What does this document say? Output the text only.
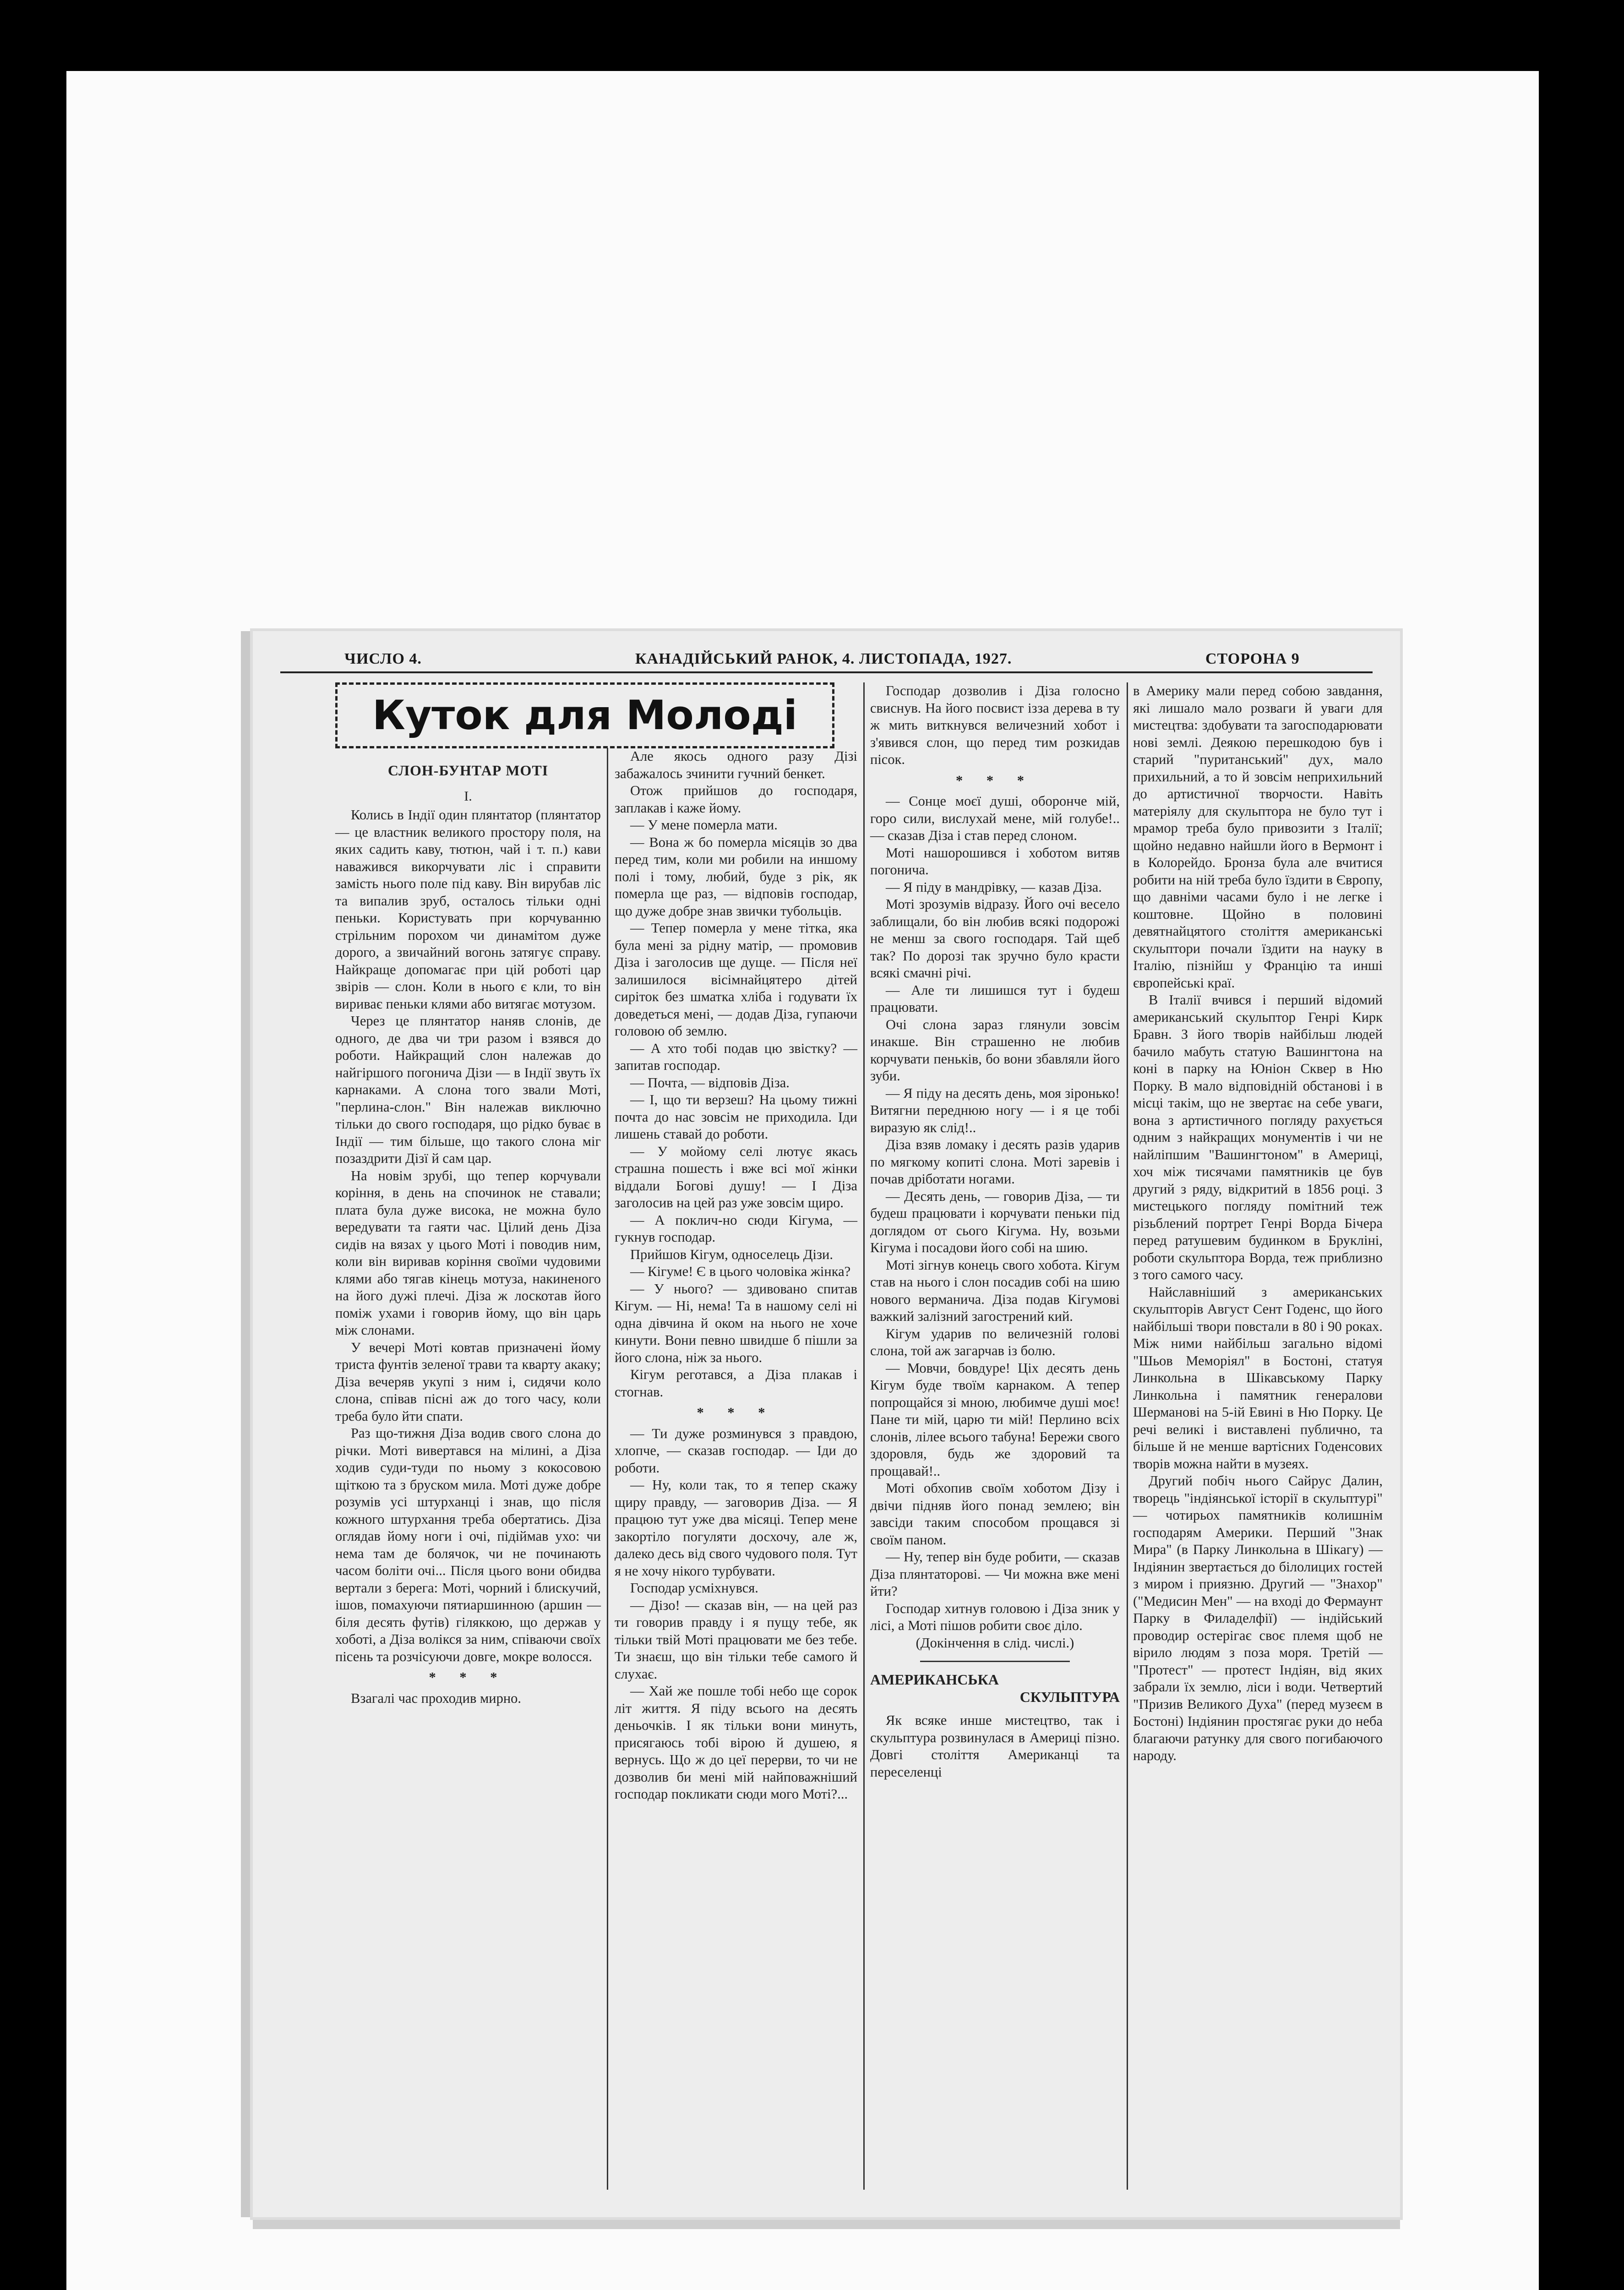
ЧИСЛО 4.	КАНАДІЙСЬКИЙ РАНОК, 4. ЛИСТОПАДА, 1927.	СТОРОНА 9
Куток для Молоді
СЛОН-БУНТАР МОТІ
I.

Колись в Індії один плянтатор (плянтатор — це властник великого простору поля, на яких садить каву, тютюн, чай і т. п.) кави наважився викорчувати ліс і справити замість нього поле під каву. Він вирубав ліс та випалив зруб, осталось тільки одні пеньки. Користувать при корчуванню стрільним порохом чи динамітом дуже дорого, а звичайний вогонь затягує справу. Найкраще допомагає при цій роботі цар звірів — слон. Коли в нього є кли, то він вириває пеньки клями або витягає мотузом.

Через це плянтатор наняв слонів, де одного, де два чи три разом і взявся до роботи. Найкращий слон належав до найгіршого погонича Дізи — в Індії звуть їх карнаками. А слона того звали Моті, "перлина-слон." Він належав виключно тільки до свого господаря, що рідко буває в Індії — тим більше, що такого слона міг позаздрити Дізї й сам цар.

На новім зрубі, що тепер корчували коріння, в день на спочинок не ставали; плата була дуже висока, не можна було вередувати та гаяти час. Цілий день Діза сидів на вязах у цього Моті і поводив ним, коли він виривав коріння своїми чудовими клями або тягав кінець мотуза, накиненого на його дужі плечі. Діза ж лоскотав його поміж ухами і говорив йому, що він царь між слонами.

У вечері Моті ковтав призначені йому триста фунтів зеленої трави та кварту акаку; Діза вечеряв укупі з ним і, сидячи коло слона, співав пісні аж до того часу, коли треба було йти спати.

Раз що-тижня Діза водив свого слона до річки. Моті вивертався на мілині, а Діза ходив суди-туди по ньому з кокосовою щіткою та з бруском мила. Моті дуже добре розумів усі штурханці і знав, що після кожного штурхання треба обертатись. Діза оглядав йому ноги і очі, підіймав ухо: чи нема там де болячок, чи не починають часом боліти очі... Після цього вони обидва вертали з берега: Моті, чорний і блискучий, ішов, помахуючи пятиаршинною (аршин — біля десять футів) гіляккою, що держав у хоботі, а Діза волікся за ним, співаючи своїх пісень та розчісуючи довге, мокре волосся.

* * *

Взагалі час проходив мирно.

Але якось одного разу Дізі забажалось зчинити гучний бенкет.

Отож прийшов до господаря, заплакав і каже йому.

— У мене померла мати.

— Вона ж бо померла місяців зо два перед тим, коли ми робили на иншому полі і тому, любий, буде з рік, як померла ще раз, — відповів господар, що дуже добре знав звички тубольців.

— Тепер померла у мене тітка, яка була мені за рідну матір, — промовив Діза і заголосив ще дуще. — Після неї залишилося вісімнайцятеро дітей сиріток без шматка хліба і годувати їх доведеться мені, — додав Діза, гупаючи головою об землю.

— А хто тобі подав цю звістку? — запитав господар.

— Почта, — відповів Діза.

— І, що ти верзеш? На цьому тижні почта до нас зовсім не приходила. Іди лишень ставай до роботи.

— У мойому селі лютує якась страшна пошесть і вже всі мої жінки віддали Богові душу! — І Діза заголосив на цей раз уже зовсім щиро.

— А поклич-но сюди Кігума, — гукнув господар.

Прийшов Кігум, односелець Дізи.

— Кігуме! Є в цього чоловіка жінка?

— У нього? — здивовано спитав Кігум. — Ні, нема! Та в нашому селі ні одна дівчина й оком на нього не хоче кинути. Вони певно швидше б пішли за його слона, ніж за нього.

Кігум реготався, а Діза плакав і стогнав.

* * *

— Ти дуже розминувся з правдою, хлопче, — сказав господар. — Іди до роботи.

— Ну, коли так, то я тепер скажу щиру правду, — заговорив Діза. — Я працюю тут уже два місяці. Тепер мене закортіло погуляти досхочу, але ж, далеко десь від свого чудового поля. Тут я не хочу нікого турбувати.

Господар усміхнувся.

— Дізо! — сказав він, — на цей раз ти говорив правду і я пущу тебе, як тільки твій Моті працювати ме без тебе. Ти знаєш, що він тільки тебе самого й слухає.

— Хай же пошле тобі небо ще сорок літ життя. Я піду всього на десять деньочків. І як тільки вони минуть, присягаюсь тобі вірою й душею, я вернусь. Що ж до цеї перерви, то чи не дозволив би мені мій найповажніший господар покликати сюди мого Моті?...

Господар дозволив і Діза голосно свиснув. На його посвист ізза дерева в ту ж мить виткнувся величезний хобот і з'явився слон, що перед тим розкидав пісок.

* * *

— Сонце моєї душі, оборонче мій, горо сили, вислухай мене, мій голубе!.. — сказав Діза і став перед слоном.

Моті нашорошився і хоботом витяв погонича.

— Я піду в мандрівку, — казав Діза.

Моті зрозумів відразу. Його очі весело заблищали, бо він любив всякі подорожі не менш за свого господаря. Тай щеб так? По дорозі так зручно було красти всякі смачні річі.

— Але ти лишишся тут і будеш працювати.

Очі слона зараз глянули зовсім инакше. Він страшенно не любив корчувати пеньків, бо вони збавляли його зуби.

— Я піду на десять день, моя зіронько! Витягни переднюю ногу — і я це тобі виразую як слід!..

Діза взяв ломаку і десять разів ударив по мягкому копиті слона. Моті заревів і почав дріботати ногами.

— Десять день, — говорив Діза, — ти будеш працювати і корчувати пеньки під доглядом от сього Кігума. Ну, возьми Кігума і посадови його собі на шию.

Моті зігнув конець свого хобота. Кігум став на нього і слон посадив собі на шию нового верманича. Діза подав Кігумові важкий залізний загострений кий.

Кігум ударив по величезній голові слона, той аж загарчав із болю.

— Мовчи, бовдуре! Ціх десять день Кігум буде твоїм карнаком. А тепер попрощайся зі мною, любимче душі моє! Пане ти мій, царю ти мій! Перлино всіх слонів, лілее всього табуна! Бережи свого здоровля, будь же здоровий та прощавай!..

Моті обхопив своїм хоботом Дізу і двічи підняв його понад землею; він завсіди таким способом прощався зі своїм паном.

— Ну, тепер він буде робити, — сказав Діза плянтаторові. — Чи можна вже мені йти?

Господар хитнув головою і Діза зник у лісі, а Моті пішов робити своє діло.

(Докінчення в слід. числі.)

АМЕРИКАНСЬКА
СКУЛЬПТУРА

Як всяке инше мистецтво, так і скульптура розвинулася в Америці пізно. Довгі століття Американці та переселенці

в Америку мали перед собою завдання, які лишало мало розваги й уваги для мистецтва: здобувати та загосподарювати нові землі. Деякою перешкодою був і старий "пуританський" дух, мало прихильний, а то й зовсім неприхильний до артистичної творчости. Навіть матеріялу для скульптора не було тут і мрамор треба було привозити з Італії; щойно недавно найшли його в Вермонт і в Колорейдо. Бронза була але вчитися робити на ній треба було їздити в Європу, що давніми часами було і не легке і коштовне. Щойно в половині девятнайцятого століття американські скульптори почали їздити на науку в Італію, пізнійш у Францію та инші європейські краї.

В Італії вчився і перший відомий американський скульптор Генрі Кирк Бравн. З його творів найбільш людей бачило мабуть статую Вашингтона на коні в парку на Юніон Сквер в Ню Порку. В мало відповідній обстанові і в місці такім, що не звертає на себе уваги, вона з артистичного погляду рахується одним з найкращих монументів і чи не найліпшим "Вашингтоном" в Америці, хоч між тисячами памятників це був другий з ряду, відкритий в 1856 році. З мистецького погляду помітний теж різьблений портрет Генрі Ворда Бічера перед ратушевим будинком в Брукліні, роботи скульптора Ворда, теж приблизно з того самого часу.

Найславніший з американських скульпторів Август Сент Годенс, що його найбільші твори повстали в 80 і 90 роках. Між ними найбільш загально відомі "Шьов Меморіял" в Бостоні, статуя Линкольна в Шікавському Парку Линкольна і памятник генералови Шерманові на 5-ій Евині в Ню Порку. Це речі великі і виставлені публично, та більше й не менше вартісних Годенсових творів можна найти в музеях.

Другий побіч нього Сайрус Далин, творець "індіянської історії в скульптурі" — чотирьох памятників колишнім господарям Америки. Перший "Знак Мира" (в Парку Линкольна в Шікагу) — Індіянин звертається до білолицих гостей з миром і приязню. Другий — "Знахор" ("Медисин Мен" — на вході до Фермаунт Парку в Филаделфії) — індійський проводир остерігає своє племя щоб не вірило людям з поза моря. Третій — "Протест" — протест Індіян, від яких забрали їх землю, ліси і води. Четвертий "Призив Великого Духа" (перед музеєм в Бостоні) Індіянин простягає руки до неба благаючи ратунку для свого погибаючого народу.
